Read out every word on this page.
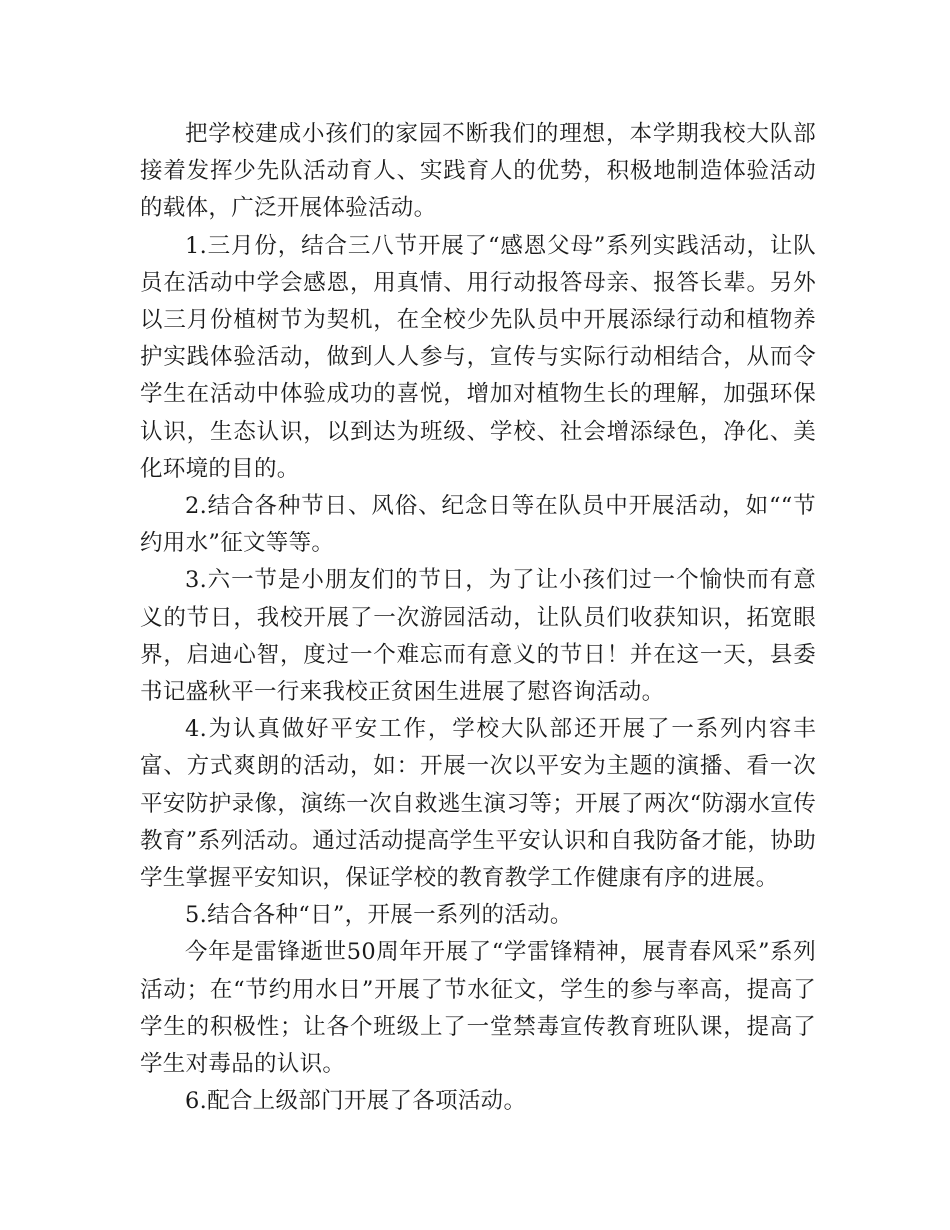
把学校建成小孩们的家园不断我们的理想，本学期我校大队部接着发挥少先队活动育人、实践育人的优势，积极地制造体验活动的载体，广泛开展体验活动。

1.三月份，结合三八节开展了“感恩父母”系列实践活动，让队员在活动中学会感恩，用真情、用行动报答母亲、报答长辈。另外以三月份植树节为契机，在全校少先队员中开展添绿行动和植物养护实践体验活动，做到人人参与，宣传与实际行动相结合，从而令学生在活动中体验成功的喜悦，增加对植物生长的理解，加强环保认识，生态认识，以到达为班级、学校、社会增添绿色，净化、美化环境的目的。

2.结合各种节日、风俗、纪念日等在队员中开展活动，如““节约用水”征文等等。

3.六一节是小朋友们的节日，为了让小孩们过一个愉快而有意义的节日，我校开展了一次游园活动，让队员们收获知识，拓宽眼界，启迪心智，度过一个难忘而有意义的节日！并在这一天，县委书记盛秋平一行来我校正贫困生进展了慰咨询活动。

4.为认真做好平安工作，学校大队部还开展了一系列内容丰富、方式爽朗的活动，如：开展一次以平安为主题的演播、看一次平安防护录像，演练一次自救逃生演习等；开展了两次“防溺水宣传教育”系列活动。通过活动提高学生平安认识和自我防备才能，协助学生掌握平安知识，保证学校的教育教学工作健康有序的进展。

5.结合各种“日”，开展一系列的活动。

今年是雷锋逝世50周年开展了“学雷锋精神，展青春风采”系列活动；在“节约用水日”开展了节水征文，学生的参与率高，提高了学生的积极性；让各个班级上了一堂禁毒宣传教育班队课，提高了学生对毒品的认识。

6.配合上级部门开展了各项活动。
